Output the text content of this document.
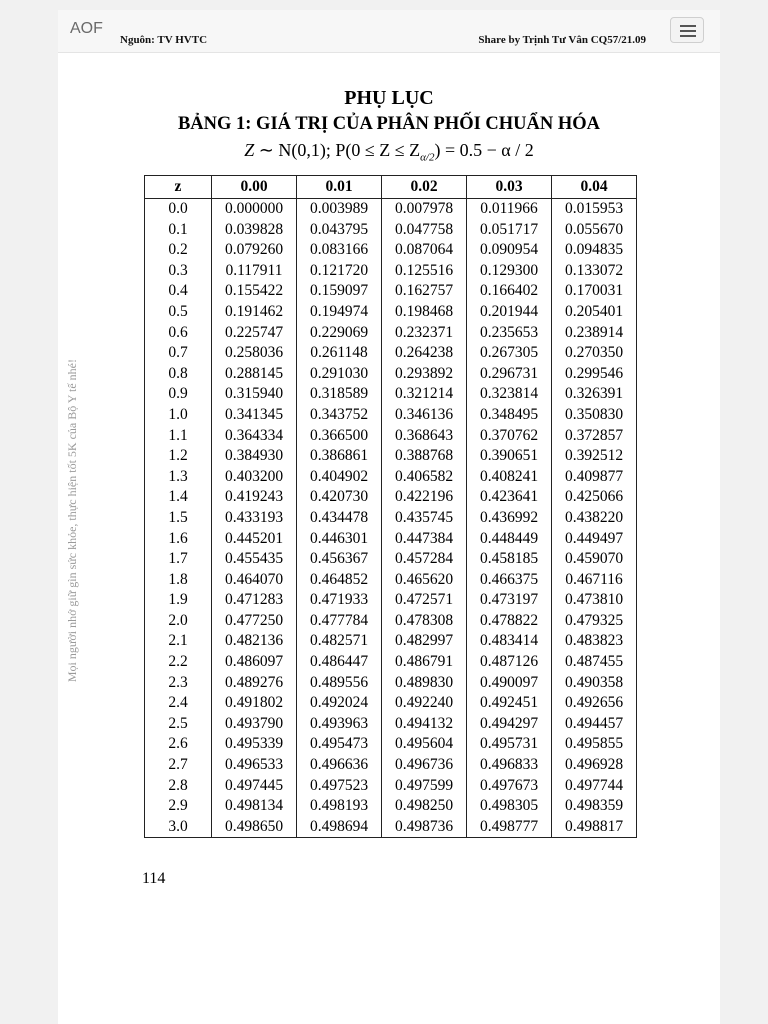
AOF
Nguôn: TV HVTC	Share by Trịnh Tư Vân CQ57/21.09
PHỤ LỤC
BẢNG 1: GIÁ TRỊ CỦA PHÂN PHỐI CHUẨN HÓA
Z ∼ N(0,1); $P(0 \le Z \le Z_{\alpha/2}) = 0.5 - \alpha / 2$
Mọi người nhớ giữ gìn sức khỏe, thực hiện tốt 5K của Bộ Y tế nhé!
z	0.00	0.01	0.02	0.03	0.04
0.0	0.000000	0.003989	0.007978	0.011966	0.015953
0.1	0.039828	0.043795	0.047758	0.051717	0.055670
0.2	0.079260	0.083166	0.087064	0.090954	0.094835
0.3	0.117911	0.121720	0.125516	0.129300	0.133072
0.4	0.155422	0.159097	0.162757	0.166402	0.170031
0.5	0.191462	0.194974	0.198468	0.201944	0.205401
0.6	0.225747	0.229069	0.232371	0.235653	0.238914
0.7	0.258036	0.261148	0.264238	0.267305	0.270350
0.8	0.288145	0.291030	0.293892	0.296731	0.299546
0.9	0.315940	0.318589	0.321214	0.323814	0.326391
1.0	0.341345	0.343752	0.346136	0.348495	0.350830
1.1	0.364334	0.366500	0.368643	0.370762	0.372857
1.2	0.384930	0.386861	0.388768	0.390651	0.392512
1.3	0.403200	0.404902	0.406582	0.408241	0.409877
1.4	0.419243	0.420730	0.422196	0.423641	0.425066
1.5	0.433193	0.434478	0.435745	0.436992	0.438220
1.6	0.445201	0.446301	0.447384	0.448449	0.449497
1.7	0.455435	0.456367	0.457284	0.458185	0.459070
1.8	0.464070	0.464852	0.465620	0.466375	0.467116
1.9	0.471283	0.471933	0.472571	0.473197	0.473810
2.0	0.477250	0.477784	0.478308	0.478822	0.479325
2.1	0.482136	0.482571	0.482997	0.483414	0.483823
2.2	0.486097	0.486447	0.486791	0.487126	0.487455
2.3	0.489276	0.489556	0.489830	0.490097	0.490358
2.4	0.491802	0.492024	0.492240	0.492451	0.492656
2.5	0.493790	0.493963	0.494132	0.494297	0.494457
2.6	0.495339	0.495473	0.495604	0.495731	0.495855
2.7	0.496533	0.496636	0.496736	0.496833	0.496928
2.8	0.497445	0.497523	0.497599	0.497673	0.497744
2.9	0.498134	0.498193	0.498250	0.498305	0.498359
3.0	0.498650	0.498694	0.498736	0.498777	0.498817
114
